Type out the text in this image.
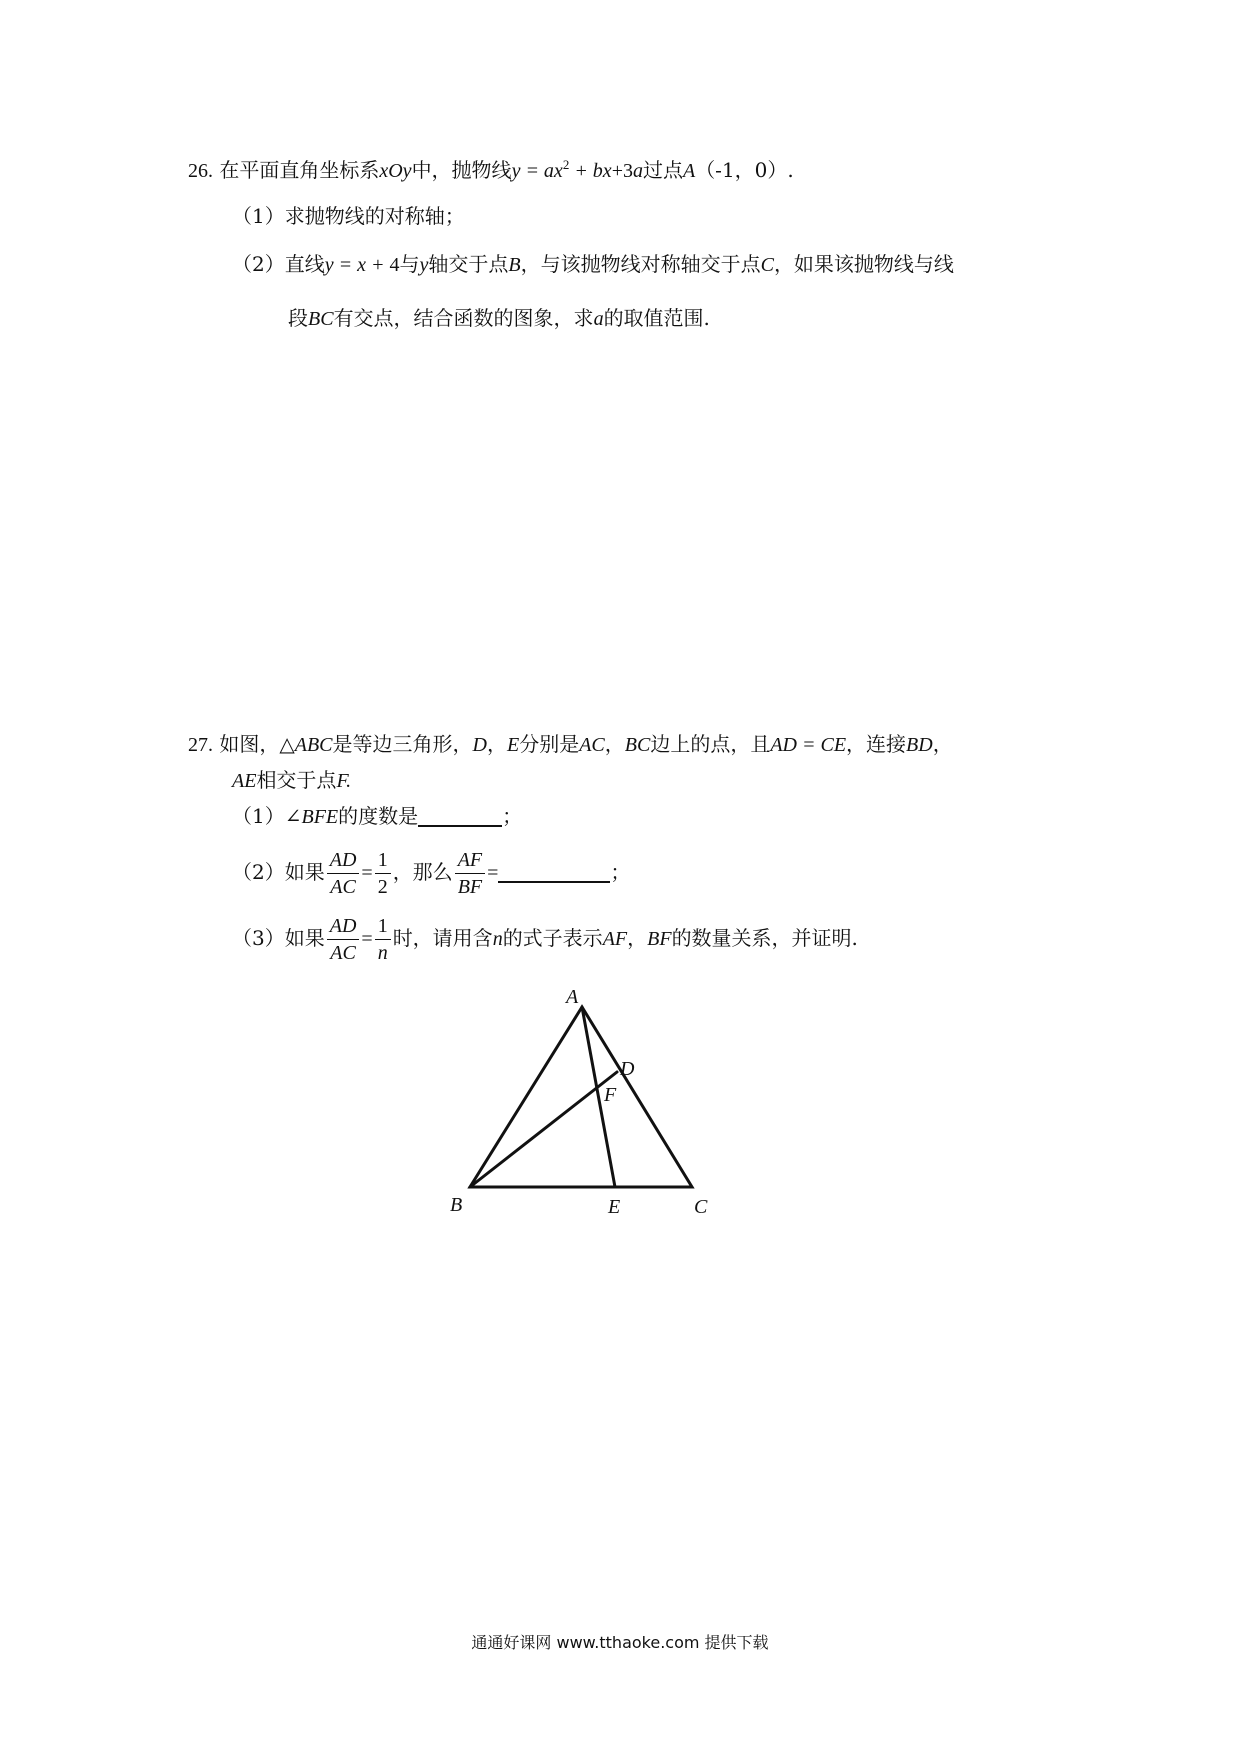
26. 在平面直角坐标系xOy中，抛物线$y = ax^2 + bx+3a$过点A（-1，0）.
（1）求抛物线的对称轴；
（2）直线y = x + 4与y轴交于点B，与该抛物线对称轴交于点C，如果该抛物线与线
段BC有交点，结合函数的图象，求a的取值范围.
27. 如图，△ABC是等边三角形，D，E分别是AC，BC边上的点，且AD = CE，连接BD，
AE相交于点F.
（1）∠BFE的度数是	；
（2）如果 $\frac{AD}{AC} = \frac{1}{2}$ ，那么 $\frac{AF}{BF}$ =	；
（3）如果 $\frac{AD}{AC} = \frac{1}{n}$ 时，请用含n的式子表示AF，BF的数量关系，并证明.
A
B	C
D
E
F
通通好课网 www.tthaoke.com 提供下载
